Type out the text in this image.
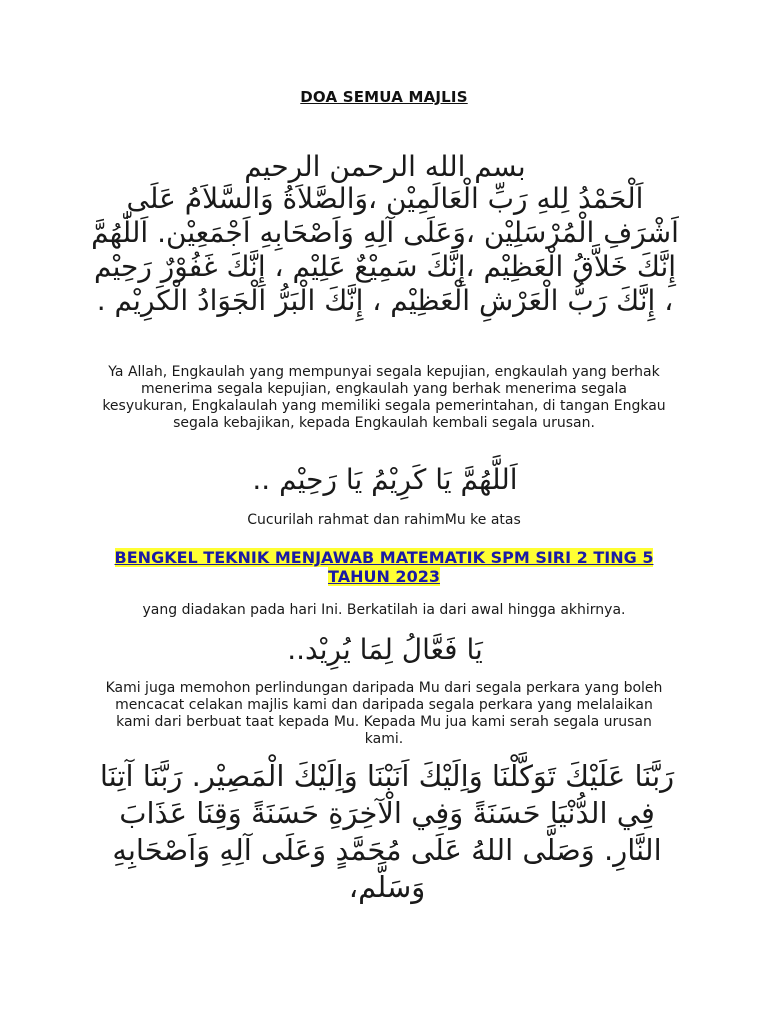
DOA SEMUA MAJLIS
بسم الله الرحمن الرحيم
اَلْحَمْدُ لِلهِ رَبِّ الْعَالَمِيْن ،وَالصَّلاَةُ وَالسَّلاَمُ عَلَى اَشْرَفِ الْمُرْسَلِيْن ،وَعَلَى آلِهِ وَاَصْحَابِهِ اَجْمَعِيْن. اَللّٰهُمَّ إِنَّكَ خَلاَّقُ الْعَظِيْم ،إِنَّكَ سَمِيْعٌ عَلِيْم ، إِنَّكَ غَفُوْرٌ رَحِيْم ، إِنَّكَ رَبُّ الْعَرْشِ الْعَظِيْم ، إِنَّكَ الْبَرُّ الْجَوَادُ الْكَرِيْم .
Ya Allah, Engkaulah yang mempunyai segala kepujian, engkaulah yang berhak menerima segala kepujian, engkaulah yang berhak menerima segala kesyukuran, Engkalaulah yang memiliki segala pemerintahan, di tangan Engkau segala kebajikan, kepada Engkaulah kembali segala urusan.
اَللَّهُمَّ يَا كَرِيْمُ يَا رَحِيْم ..
Cucurilah rahmat dan rahimMu ke atas
BENGKEL TEKNIK MENJAWAB MATEMATIK SPM SIRI 2 TING 5 TAHUN 2023
yang diadakan pada hari Ini. Berkatilah ia dari awal hingga akhirnya.
يَا فَعَّالُ لِمَا يُرِيْد..
Kami juga memohon perlindungan daripada Mu dari segala perkara yang boleh mencacat celakan majlis kami dan daripada segala perkara yang melalaikan kami dari berbuat taat kepada Mu. Kepada Mu jua kami serah segala urusan kami.
رَبَّنَا عَلَيْكَ تَوَكَّلْنَا وَاِلَيْكَ اَنَبْنَا وَاِلَيْكَ الْمَصِيْر. رَبَّنَا آتِنَا فِي الدُّنْيَا حَسَنَةً وَفِي الْآخِرَةِ حَسَنَةً وَقِنَا عَذَابَ النَّارِ. وَصَلَّى اللهُ عَلَى مُحَمَّدٍ وَعَلَى آلِهِ وَاَصْحَابِهِ وَسَلَّم،
